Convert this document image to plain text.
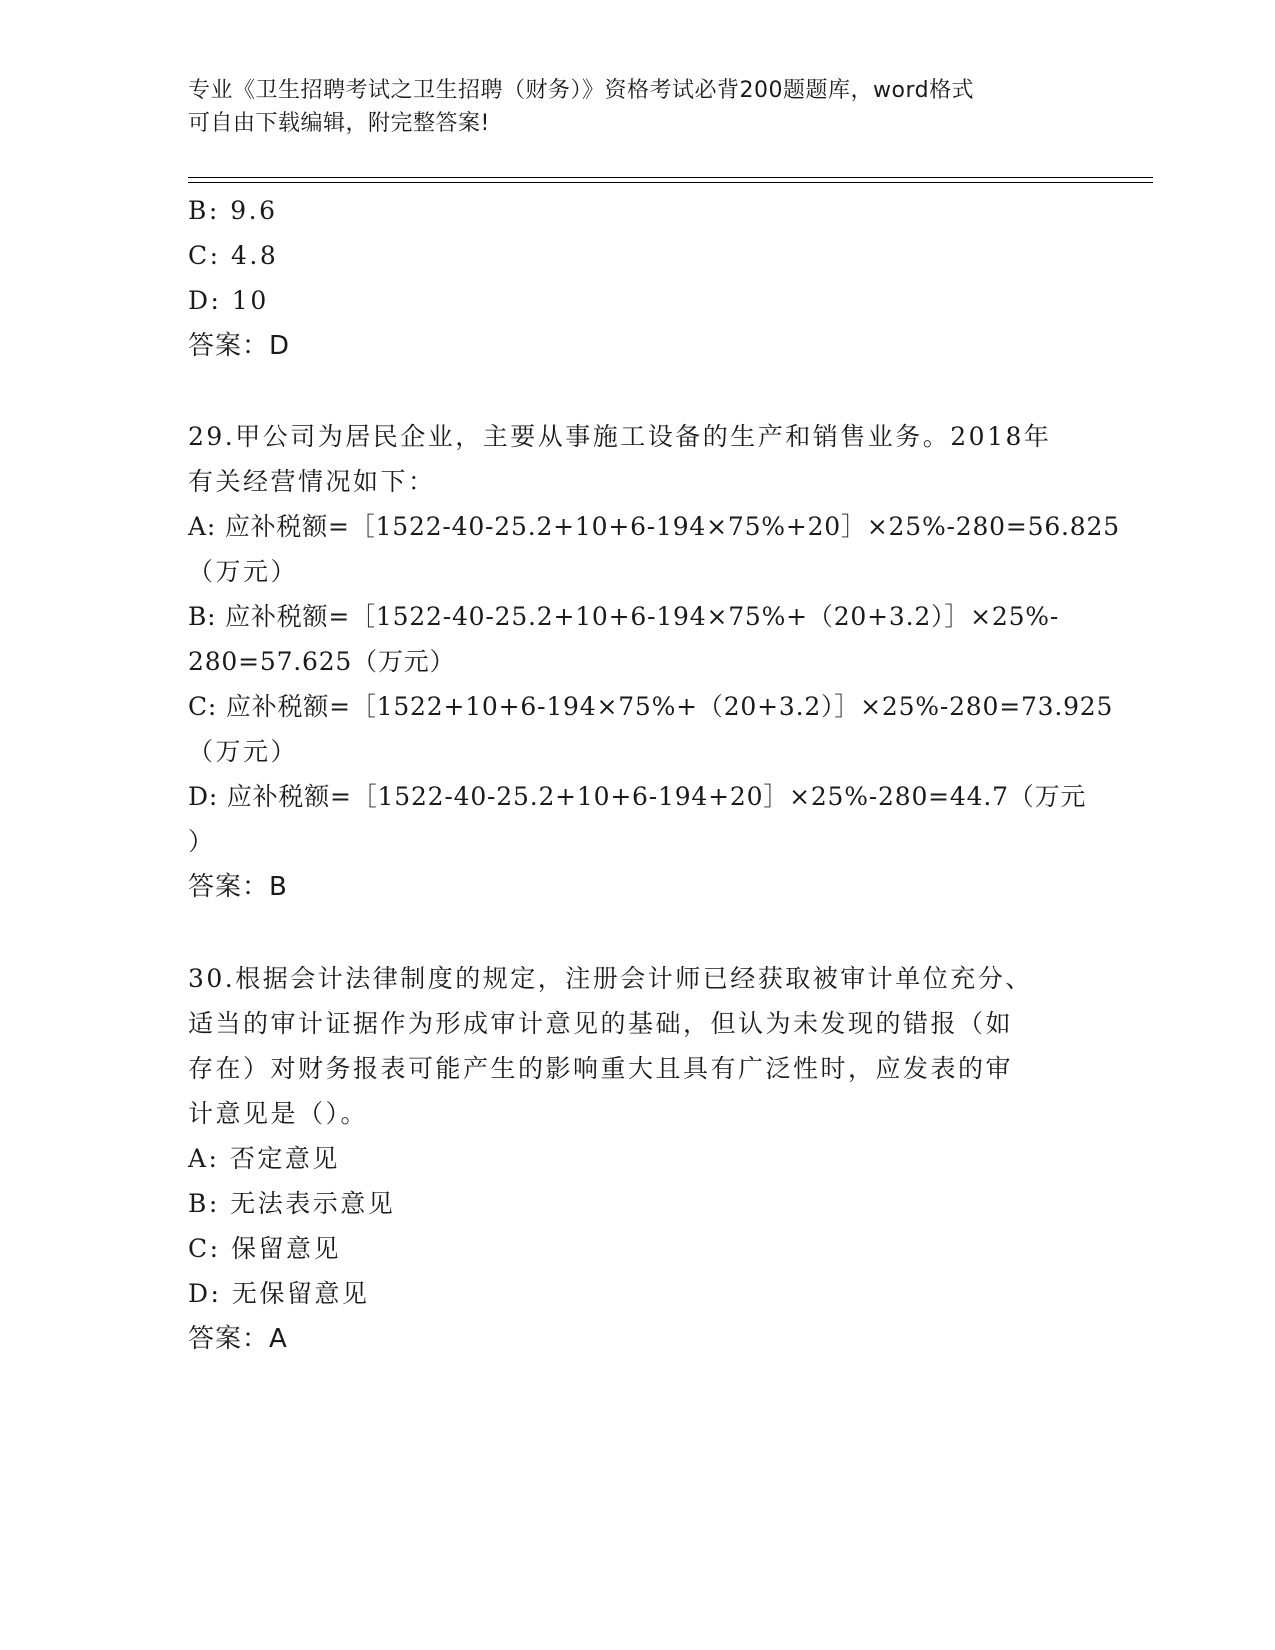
专业《卫生招聘考试之卫生招聘（财务）》资格考试必背200题题库，word格式
可自由下载编辑，附完整答案!
B: 9.6
C: 4.8
D: 10
答案：D
29.甲公司为居民企业，主要从事施工设备的生产和销售业务。2018年
有关经营情况如下：
A: 应补税额=［1522-40-25.2+10+6-194×75%+20］×25%-280=56.825
（万元）
B: 应补税额=［1522-40-25.2+10+6-194×75%+（20+3.2）］×25%-
280=57.625（万元）
C: 应补税额=［1522+10+6-194×75%+（20+3.2）］×25%-280=73.925
（万元）
D: 应补税额=［1522-40-25.2+10+6-194+20］×25%-280=44.7（万元
）
答案：B
30.根据会计法律制度的规定，注册会计师已经获取被审计单位充分、
适当的审计证据作为形成审计意见的基础，但认为未发现的错报（如
存在）对财务报表可能产生的影响重大且具有广泛性时，应发表的审
计意见是（）。
A: 否定意见
B: 无法表示意见
C: 保留意见
D: 无保留意见
答案：A
